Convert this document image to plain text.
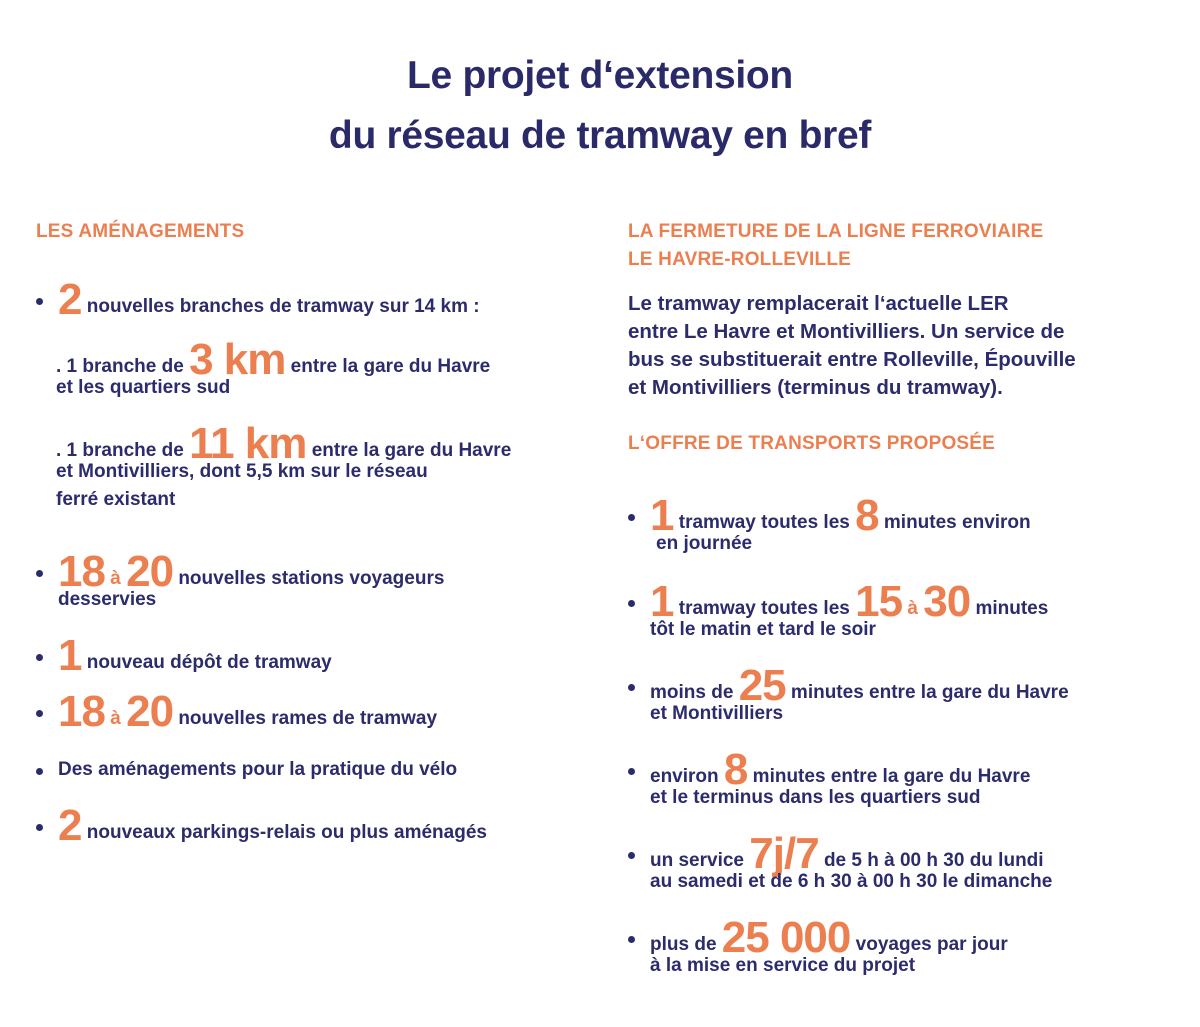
Le projet d‘extension
du réseau de tramway en bref
LES AMÉNAGEMENTS
2 nouvelles branches de tramway sur 14 km :
. 1 branche de 3 km entre la gare du Havre
et les quartiers sud
. 1 branche de 11 km entre la gare du Havre
et Montivilliers, dont 5,5 km sur le réseau
ferré existant
18 à 20 nouvelles stations voyageurs
desservies
1 nouveau dépôt de tramway
18 à 20 nouvelles rames de tramway
Des aménagements pour la pratique du vélo
2 nouveaux parkings-relais ou plus aménagés
LA FERMETURE DE LA LIGNE FERROVIAIRE
LE HAVRE-ROLLEVILLE
Le tramway remplacerait l‘actuelle LER
entre Le Havre et Montivilliers. Un service de
bus se substituerait entre Rolleville, Épouville
et Montivilliers (terminus du tramway).
L‘OFFRE DE TRANSPORTS PROPOSÉE
1 tramway toutes les 8 minutes environ
en journée
1 tramway toutes les 15 à 30 minutes
tôt le matin et tard le soir
moins de 25 minutes entre la gare du Havre
et Montivilliers
environ 8 minutes entre la gare du Havre
et le terminus dans les quartiers sud
un service 7j/7 de 5 h à 00 h 30 du lundi
au samedi et de 6 h 30 à 00 h 30 le dimanche
plus de 25 000 voyages par jour
à la mise en service du projet
